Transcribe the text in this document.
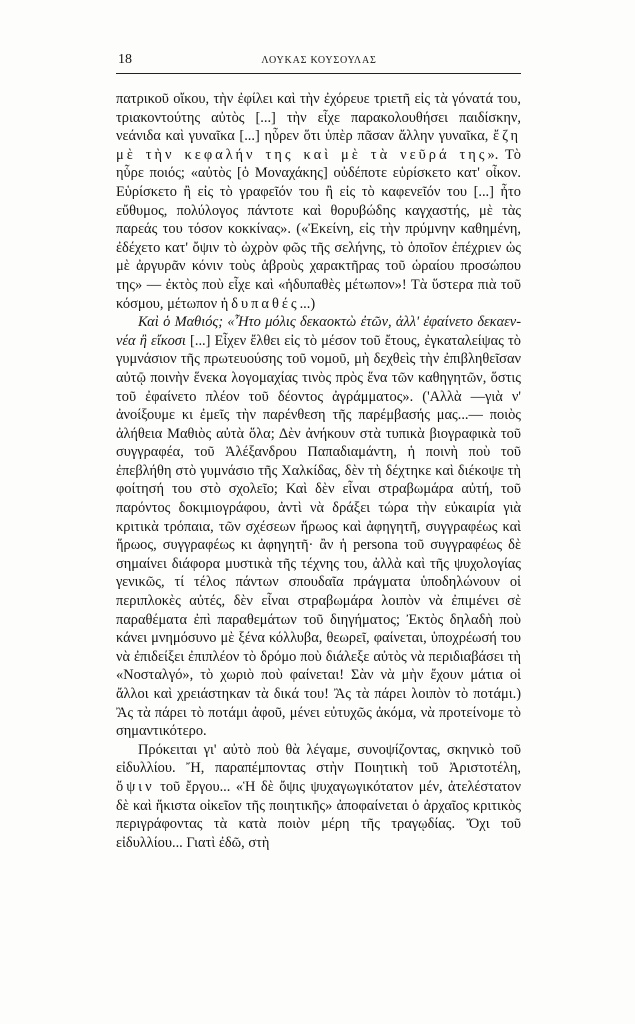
18	ΛΟΥΚΑΣ ΚΟΥΣΟΥΛΑΣ

πατρικοῦ οἴκου, τὴν ἐφίλει καὶ τὴν ἐχόρευε τριετῆ εἰς τὰ γόνατά του, τριακοντούτης αὐτὸς [...] τὴν εἶχε παρακολουθήσει παιδίσκην, νεάνιδα καὶ γυναῖκα [...] ηὗρεν ὅτι ὑπὲρ πᾶσαν ἄλλην γυναῖκα, ἔζη μὲ τὴν κεφαλήν της καὶ μὲ τὰ νεῦρά της». Τὸ ηὗρε ποιός; «αὐτὸς [ὁ Μοναχάκης] οὐδέποτε εὑρίσκετο κατ' οἶκον. Εὑρίσκετο ἢ εἰς τὸ γραφεῖόν του ἢ εἰς τὸ καφενεῖόν του [...] ἦτο εὔθυμος, πολύλογος πάντοτε καὶ θορυβώδης καγχαστής, μὲ τὰς παρεάς του τόσον κοκκίνας». («Ἐκείνη, εἰς τὴν πρύμνην καθημένη, ἐδέχετο κατ' ὄψιν τὸ ὠχρὸν φῶς τῆς σελήνης, τὸ ὁποῖον ἐπέχριεν ὡς μὲ ἀργυρᾶν κόνιν τοὺς ἁβροὺς χαρακτῆρας τοῦ ὡραίου προσώπου της» — ἐκτὸς ποὺ εἶχε καὶ «ἡδυπαθὲς μέτωπον»! Τὰ ὕστερα πιὰ τοῦ κόσμου, μέτωπον ἡδυπαθές...)

Καὶ ὁ Μαθιός; «Ἦτο μόλις δεκαοκτὼ ἐτῶν, ἀλλ' ἐφαίνετο δεκαεννέα ἢ εἴκοσι [...] Εἶχεν ἔλθει εἰς τὸ μέσον τοῦ ἔτους, ἐγκαταλείψας τὸ γυμνάσιον τῆς πρωτευούσης τοῦ νομοῦ, μὴ δεχθεὶς τὴν ἐπιβληθεῖσαν αὐτῷ ποινὴν ἕνεκα λογομαχίας τινὸς πρὸς ἕνα τῶν καθηγητῶν, ὅστις τοῦ ἐφαίνετο πλέον τοῦ δέοντος ἀγράμματος». ('Αλλὰ —γιὰ ν' ἀνοίξουμε κι ἐμεῖς τὴν παρένθεση τῆς παρέμβασής μας...— ποιὸς ἀλήθεια Μαθιὸς αὐτὰ ὅλα; Δὲν ἀνήκουν στὰ τυπικὰ βιογραφικὰ τοῦ συγγραφέα, τοῦ Ἀλέξανδρου Παπαδιαμάντη, ἡ ποινὴ ποὺ τοῦ ἐπεβλήθη στὸ γυμνάσιο τῆς Χαλκίδας, δὲν τὴ δέχτηκε καὶ διέκοψε τὴ φοίτησή του στὸ σχολεῖο; Καὶ δὲν εἶναι στραβωμάρα αὐτή, τοῦ παρόντος δοκιμιογράφου, ἀντὶ νὰ δράξει τώρα τὴν εὐκαιρία γιὰ κριτικὰ τρόπαια, τῶν σχέσεων ἥρωος καὶ ἀφηγητῆ, συγγραφέως καὶ ἥρωος, συγγραφέως κι ἀφηγητῆ· ἂν ἡ persona τοῦ συγγραφέως δὲ σημαίνει διάφορα μυστικὰ τῆς τέχνης του, ἀλλὰ καὶ τῆς ψυχολογίας γενικῶς, τί τέλος πάντων σπουδαῖα πράγματα ὑποδηλώνουν οἱ περιπλοκὲς αὐτές, δὲν εἶναι στραβωμάρα λοιπὸν νὰ ἐπιμένει σὲ παραθέματα ἐπὶ παραθεμάτων τοῦ διηγήματος; Ἐκτὸς δηλαδὴ ποὺ κάνει μνημόσυνο μὲ ξένα κόλλυβα, θεωρεῖ, φαίνεται, ὑποχρέωσή του νὰ ἐπιδείξει ἐπιπλέον τὸ δρόμο ποὺ διάλεξε αὐτὸς νὰ περιδιαβάσει τὴ «Νοσταλγό», τὸ χωριὸ ποὺ φαίνεται! Σὰν νὰ μὴν ἔχουν μάτια οἱ ἄλλοι καὶ χρειάστηκαν τὰ δικά του! Ἂς τὰ πάρει λοιπὸν τὸ ποτάμι.) Ἂς τὰ πάρει τὸ ποτάμι ἀφοῦ, μένει εὐτυχῶς ἀκόμα, νὰ προτείνομε τὸ σημαντικότερο.

Πρόκειται γι' αὐτὸ ποὺ θὰ λέγαμε, συνοψίζοντας, σκηνικὸ τοῦ εἰδυλλίου. Ἤ, παραπέμποντας στὴν Ποιητικὴ τοῦ Ἀριστοτέλη, ὄψιν τοῦ ἔργου... «Ἡ δὲ ὄψις ψυχαγωγικότατον μέν, ἀτελέστατον δὲ καὶ ἥκιστα οἰκεῖον τῆς ποιητικῆς» ἀποφαίνεται ὁ ἀρχαῖος κριτικὸς περιγράφοντας τὰ κατὰ ποιὸν μέρη τῆς τραγῳδίας. Ὄχι τοῦ εἰδυλλίου... Γιατὶ ἐδῶ, στὴ
